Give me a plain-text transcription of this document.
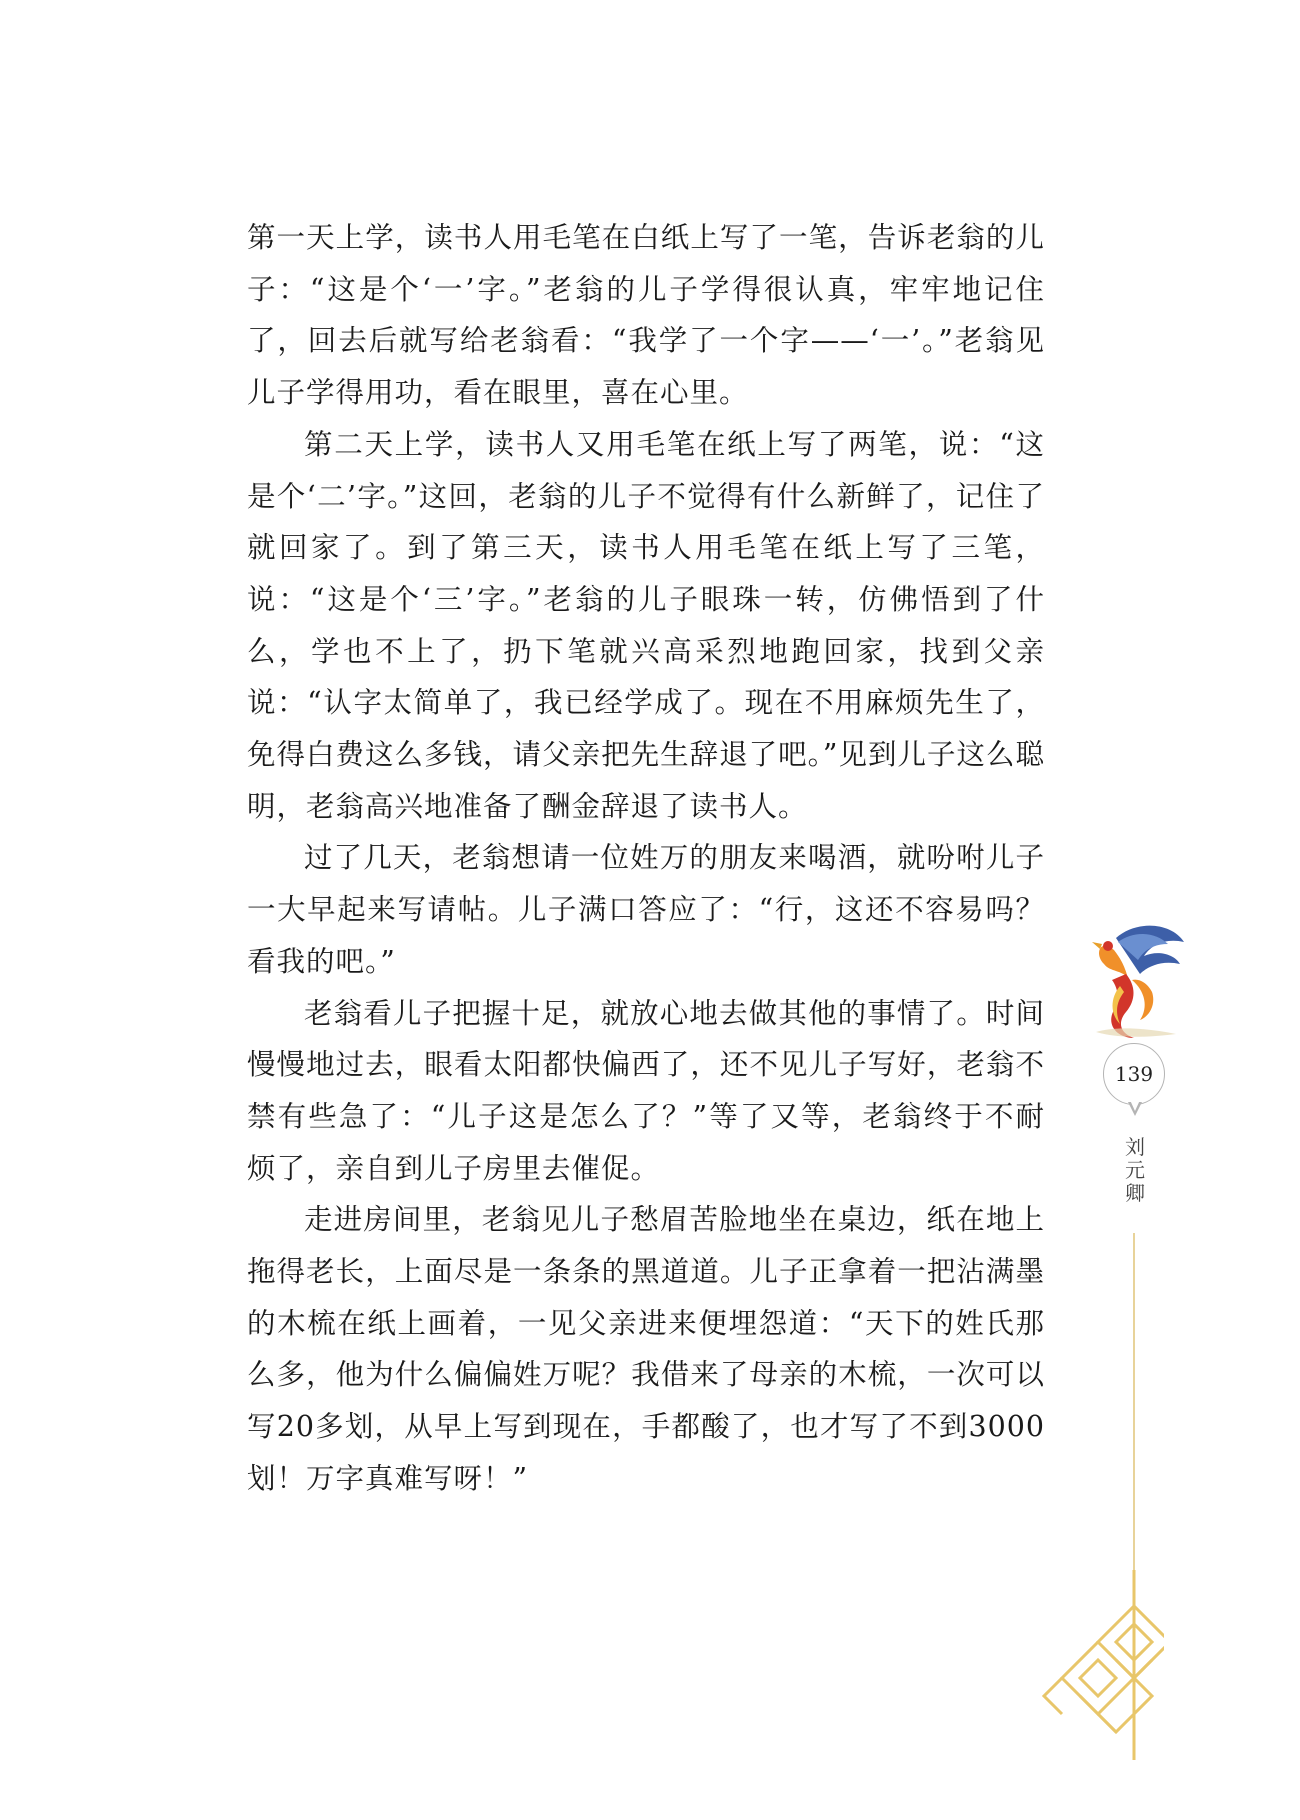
第一天上学，读书人用毛笔在白纸上写了一笔，告诉老翁的儿子：“这是个‘一’字。”老翁的儿子学得很认真，牢牢地记住了，回去后就写给老翁看：“我学了一个字——‘一’。”老翁见儿子学得用功，看在眼里，喜在心里。

第二天上学，读书人又用毛笔在纸上写了两笔，说：“这是个‘二’字。”这回，老翁的儿子不觉得有什么新鲜了，记住了就回家了。到了第三天，读书人用毛笔在纸上写了三笔，说：“这是个‘三’字。”老翁的儿子眼珠一转，仿佛悟到了什么，学也不上了，扔下笔就兴高采烈地跑回家，找到父亲说：“认字太简单了，我已经学成了。现在不用麻烦先生了，免得白费这么多钱，请父亲把先生辞退了吧。”见到儿子这么聪明，老翁高兴地准备了酬金辞退了读书人。

过了几天，老翁想请一位姓万的朋友来喝酒，就吩咐儿子一大早起来写请帖。儿子满口答应了：“行，这还不容易吗？看我的吧。”

老翁看儿子把握十足，就放心地去做其他的事情了。时间慢慢地过去，眼看太阳都快偏西了，还不见儿子写好，老翁不禁有些急了：“儿子这是怎么了？”等了又等，老翁终于不耐烦了，亲自到儿子房里去催促。

走进房间里，老翁见儿子愁眉苦脸地坐在桌边，纸在地上拖得老长，上面尽是一条条的黑道道。儿子正拿着一把沾满墨的木梳在纸上画着，一见父亲进来便埋怨道：“天下的姓氏那么多，他为什么偏偏姓万呢？我借来了母亲的木梳，一次可以写20多划，从早上写到现在，手都酸了，也才写了不到3000划！万字真难写呀！”

139
刘元卿
